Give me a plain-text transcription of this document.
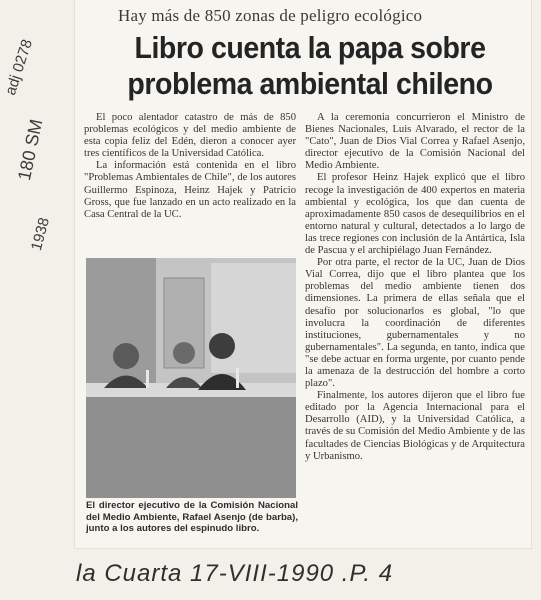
adj 0278
180 SM
1938
Hay más de 850 zonas de peligro ecológico
Libro cuenta la papa sobre problema ambiental chileno

El poco alentador catastro de más de 850 problemas ecológicos y del medio ambiente de esta copia feliz del Edén, dieron a conocer ayer tres científicos de la Universidad Católica.

La información está contenida en el libro "Problemas Ambientales de Chile", de los autores Guillermo Espinoza, Heinz Hajek y Patricio Gross, que fue lanzado en un acto realizado en la Casa Central de la UC.

El director ejecutivo de la Comisión Nacional del Medio Ambiente, Rafael Asenjo (de barba), junto a los autores del espinudo libro.

A la ceremonia concurrieron el Ministro de Bienes Nacionales, Luis Alvarado, el rector de la "Cato", Juan de Dios Vial Correa y Rafael Asenjo, director ejecutivo de la Comisión Nacional del Medio Ambiente.

El profesor Heinz Hajek explicó que el libro recoge la investigación de 400 expertos en materia ambiental y ecológica, los que dan cuenta de aproximadamente 850 casos de desequilibrios en el entorno natural y cultural, detectados a lo largo de las trece regiones con inclusión de la Antártica, Isla de Pascua y el archipiélago Juan Fernández.

Por otra parte, el rector de la UC, Juan de Dios Vial Correa, dijo que el libro plantea que los problemas del medio ambiente tienen dos dimensiones. La primera de ellas señala que el desafío por solucionarlos es global, "lo que involucra la coordinación de diferentes instituciones, gubernamentales y no gubernamentales". La segunda, en tanto, indica que "se debe actuar en forma urgente, por cuanto pende la amenaza de la destrucción del hombre a corto plazo".

Finalmente, los autores dijeron que el libro fue editado por la Agencia Internacional para el Desarrollo (AID), y la Universidad Católica, a través de su Comisión del Medio Ambiente y de las facultades de Ciencias Biológicas y de Arquitectura y Urbanismo.

la Cuarta 17-VIII-1990 .P. 4
